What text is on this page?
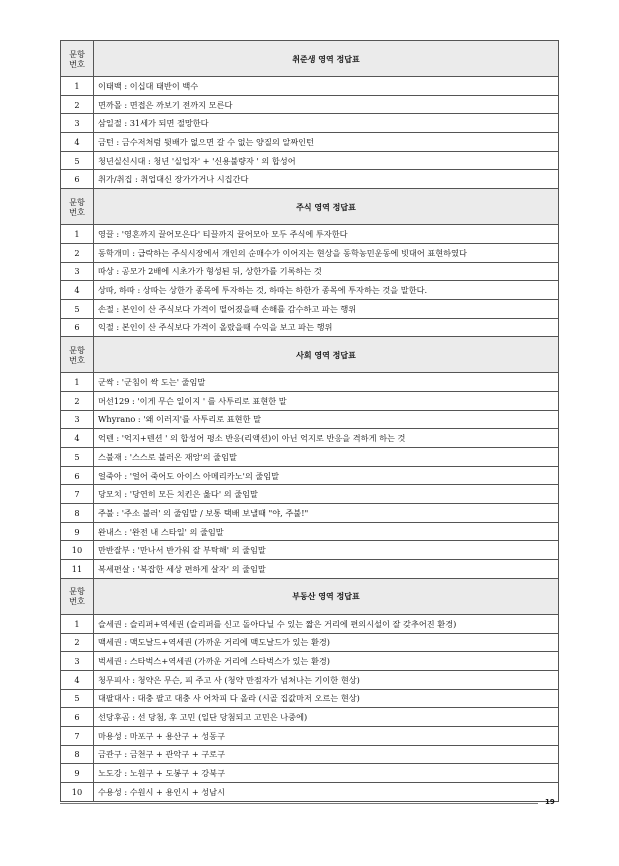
문항
번호	취준생 영역 정답표
1	이태백 : 이십대 태반이 백수
2	면까몰 : 면접은 까보기 전까지 모른다
3	삼일절 : 31세가 되면 절망한다
4	금턴 : 금수저처럼 뒷배가 없으면 갈 수 없는 양질의 알짜인턴
5	청년실신시대 : 청년 '실업자' + '신용불량자 ' 의 합성어
6	취가/취집 : 취업대신 장가가거나 시집간다

문항
번호	주식 영역 정답표
1	영끌 : '영혼까지 끌어모은다' 티끌까지 끌어모아 모두 주식에 투자한다
2	동학개미 : 급락하는 주식시장에서 개인의 순매수가 이어지는 현상을 동학농민운동에 빗대어 표현하였다
3	따상 : 공모가 2배에 시초가가 형성된 뒤, 상한가를 기록하는 것
4	상따, 하따 : 상따는 상한가 종목에 투자하는 것, 하따는 하한가 종목에 투자하는 것을 말한다.
5	손절 : 본인이 산 주식보다 가격이 떨어졌을때 손해를 감수하고 파는 행위
6	익절 : 본인이 산 주식보다 가격이 올랐을때 수익을 보고 파는 행위

문항
번호	사회 영역 정답표
1	군싹 : '군침이 싹 도는' 줄임말
2	머선129 : '이게 무슨 일이지 ' 를 사투리로 표현한 말
3	Whyrano : '왜 이러지'를 사투리로 표현한 말
4	억텐 : '억지+텐션 ' 의 합성어 평소 반응(리액션)이 아닌 억지로 반응을 격하게 하는 것
5	스불재 : '스스로 불러온 재앙'의 줄임말
6	얼죽아 : '얼어 죽어도 아이스 아메리카노'의 줄임말
7	당모치 : '당연히 모든 치킨은 옳다' 의 줄임말
8	주불 : '주소 불러' 의 줄임말 / 보통 택배 보낼때 "야, 주불!"
9	완내스 : '완전 내 스타일' 의 줄임말
10	만반잘부 : '만나서 반가워 잘 부탁해' 의 줄임말
11	복세편살 : '복잡한 세상 편하게 살자' 의 줄임말

문항
번호	부동산 영역 정답표
1	슬세권 : 슬리퍼+역세권 (슬리퍼를 신고 돌아다닐 수 있는 짧은 거리에 편의시설이 잘 갖추어진 환경)
2	맥세권 : 맥도날드+역세권 (가까운 거리에 맥도날드가 있는 환경)
3	벅세권 : 스타벅스+역세권 (가까운 거리에 스타벅스가 있는 환경)
4	청무피사 : 청약은 무슨, 피 주고 사 (청약 만점자가 넘쳐나는 기이한 현상)
5	대팔대사 : 대충 팔고 대충 사 어차피 다 올라 (시골 집값마저 오르는 현상)
6	선당후곰 : 선 당첨, 후 고민 (일단 당첨되고 고민은 나중에)
7	마용성 : 마포구 + 용산구 + 성동구
8	금관구 : 금천구 + 관악구 + 구로구
9	노도강 : 노원구 + 도봉구 + 강북구
10	수용성 : 수원시 + 용인시 + 성남시
19
